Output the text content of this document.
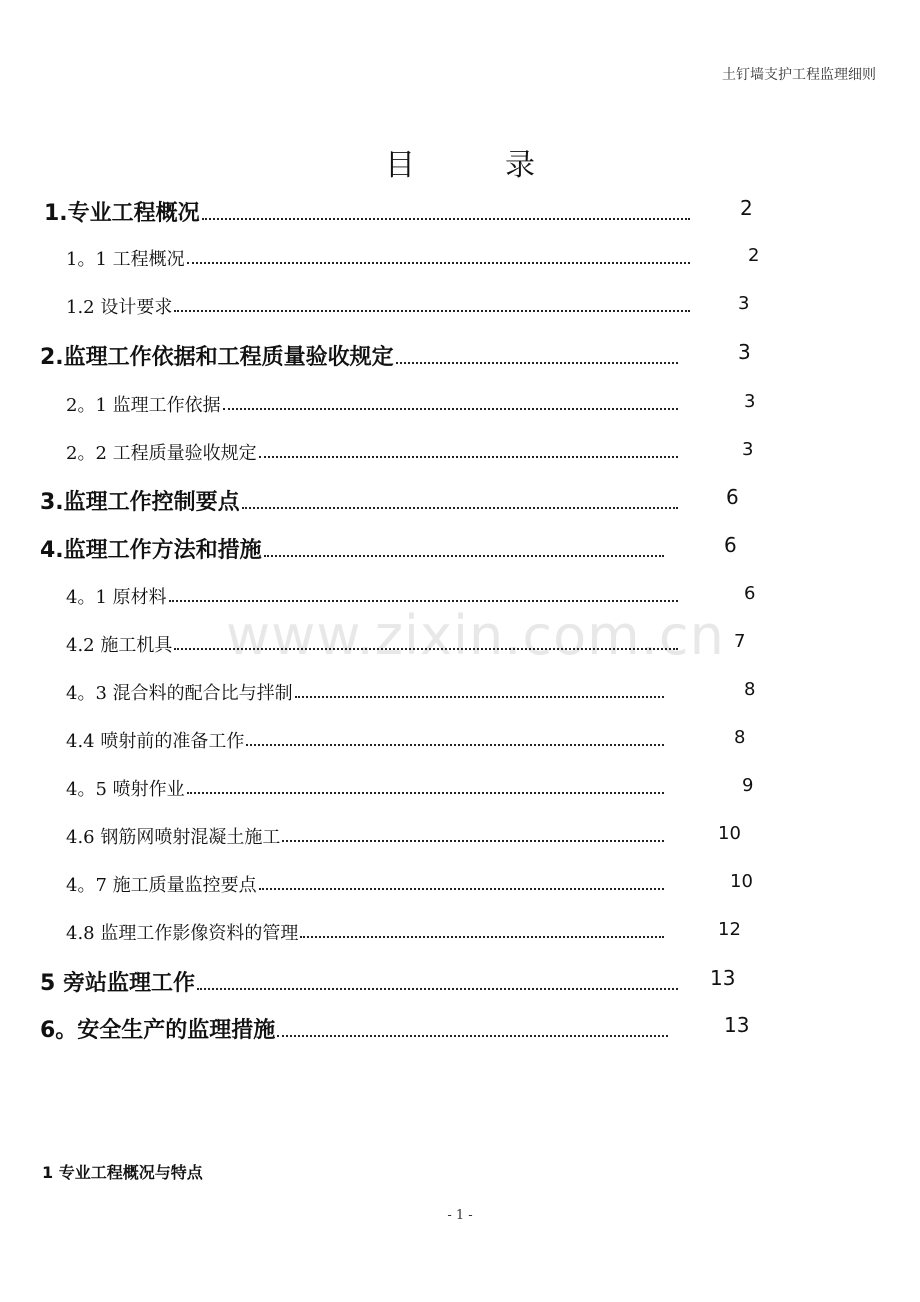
土钉墙支护工程监理细则
目	录
www.zixin.com.cn
1.专业工程概况	2
1。1 工程概况	2
1.2 设计要求	3
2.监理工作依据和工程质量验收规定	3
2。1 监理工作依据	3
2。2 工程质量验收规定	3
3.监理工作控制要点	6
4.监理工作方法和措施	6
4。1 原材料	6
4.2 施工机具	7
4。3 混合料的配合比与拌制	8
4.4 喷射前的准备工作	8
4。5 喷射作业	9
4.6 钢筋网喷射混凝土施工	10
4。7 施工质量监控要点	10
4.8 监理工作影像资料的管理	12
5 旁站监理工作	13
6。安全生产的监理措施	13
1 专业工程概况与特点
- 1 -
